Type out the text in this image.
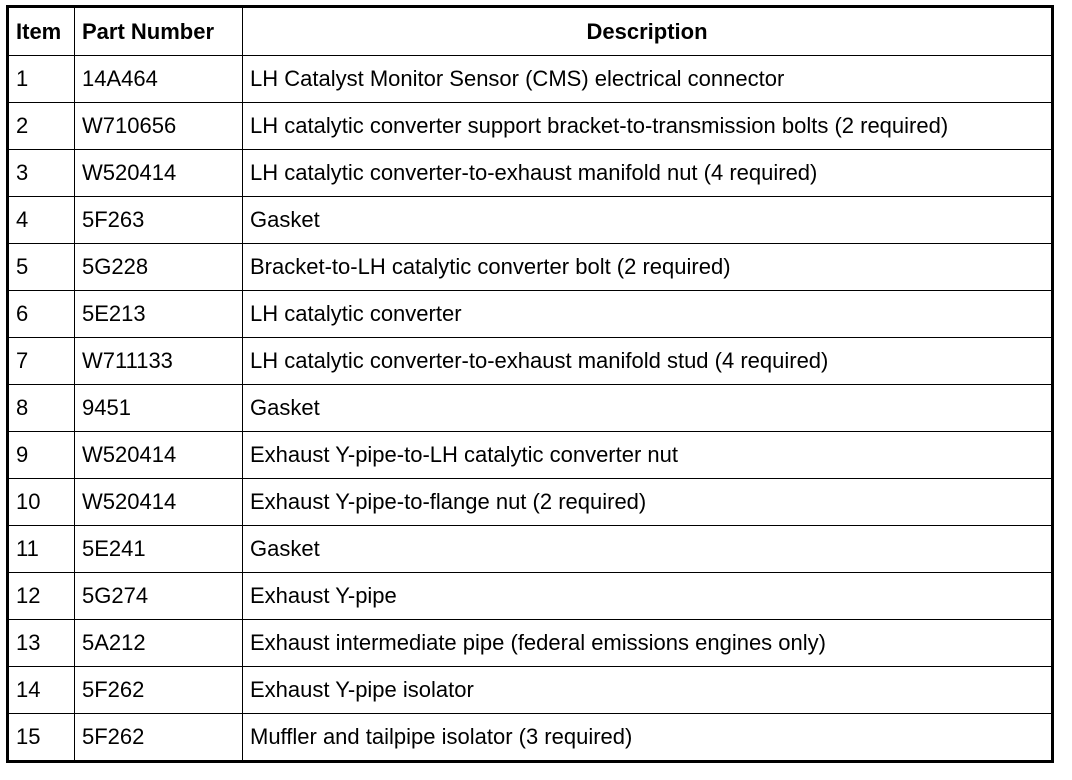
Item	Part Number	Description
1	14A464	LH Catalyst Monitor Sensor (CMS) electrical connector
2	W710656	LH catalytic converter support bracket-to-transmission bolts (2 required)
3	W520414	LH catalytic converter-to-exhaust manifold nut (4 required)
4	5F263	Gasket
5	5G228	Bracket-to-LH catalytic converter bolt (2 required)
6	5E213	LH catalytic converter
7	W711133	LH catalytic converter-to-exhaust manifold stud (4 required)
8	9451	Gasket
9	W520414	Exhaust Y-pipe-to-LH catalytic converter nut
10	W520414	Exhaust Y-pipe-to-flange nut (2 required)
11	5E241	Gasket
12	5G274	Exhaust Y-pipe
13	5A212	Exhaust intermediate pipe (federal emissions engines only)
14	5F262	Exhaust Y-pipe isolator
15	5F262	Muffler and tailpipe isolator (3 required)
